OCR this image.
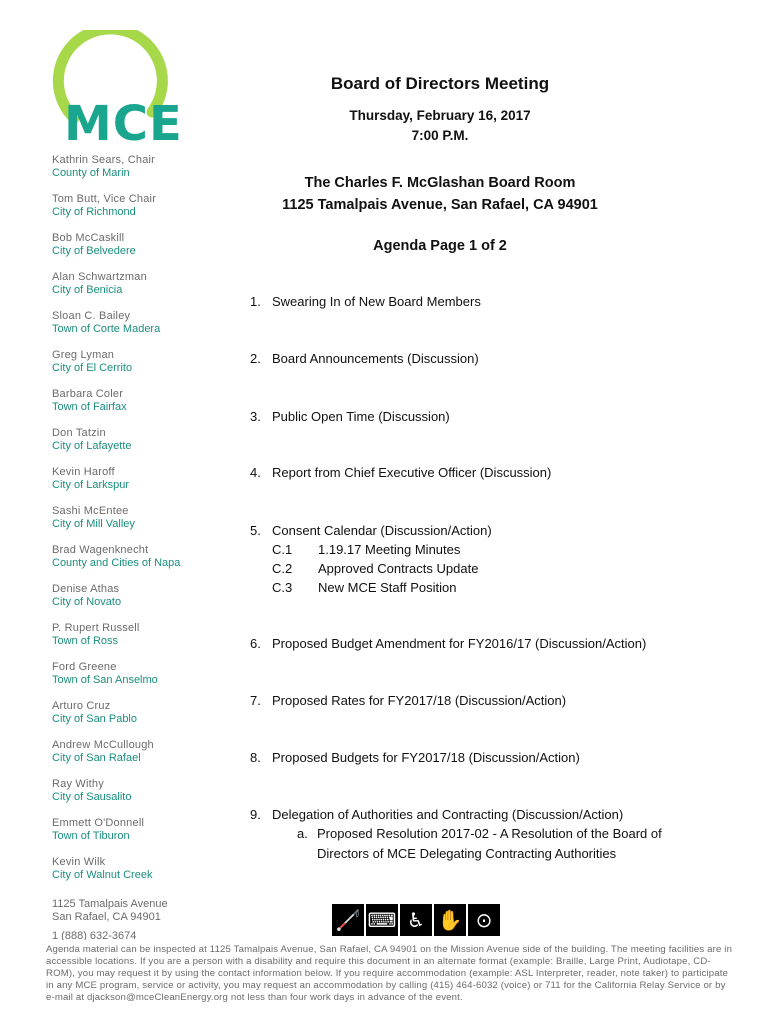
MCE
Kathrin Sears, Chair
County of Marin
Tom Butt, Vice Chair
City of Richmond
Bob McCaskill
City of Belvedere
Alan Schwartzman
City of Benicia
Sloan C. Bailey
Town of Corte Madera
Greg Lyman
City of El Cerrito
Barbara Coler
Town of Fairfax
Don Tatzin
City of Lafayette
Kevin Haroff
City of Larkspur
Sashi McEntee
City of Mill Valley
Brad Wagenknecht
County and Cities of Napa
Denise Athas
City of Novato
P. Rupert Russell
Town of Ross
Ford Greene
Town of San Anselmo
Arturo Cruz
City of San Pablo
Andrew McCullough
City of San Rafael
Ray Withy
City of Sausalito
Emmett O'Donnell
Town of Tiburon
Kevin Wilk
City of Walnut Creek
1125 Tamalpais Avenue
San Rafael, CA 94901
1 (888) 632-3674
Board of Directors Meeting
Thursday, February 16, 2017
7:00 P.M.
The Charles F. McGlashan Board Room
1125 Tamalpais Avenue, San Rafael, CA 94901
Agenda Page 1 of 2
1. Swearing In of New Board Members
2. Board Announcements (Discussion)
3. Public Open Time (Discussion)
4. Report from Chief Executive Officer (Discussion)
5. Consent Calendar (Discussion/Action)
C.1 1.19.17 Meeting Minutes
C.2 Approved Contracts Update
C.3 New MCE Staff Position
6. Proposed Budget Amendment for FY2016/17 (Discussion/Action)
7. Proposed Rates for FY2017/18 (Discussion/Action)
8. Proposed Budgets for FY2017/18 (Discussion/Action)
9. Delegation of Authorities and Contracting (Discussion/Action)
a. Proposed Resolution 2017-02 - A Resolution of the Board of
Directors of MCE Delegating Contracting Authorities
🦯 ⌨ ♿ ✋ ⊙
Agenda material can be inspected at 1125 Tamalpais Avenue, San Rafael, CA 94901 on the Mission Avenue side of the building. The meeting facilities are in accessible locations. If you are a person with a disability and require this document in an alternate format (example: Braille, Large Print, Audiotape, CD-ROM), you may request it by using the contact information below. If you require accommodation (example: ASL Interpreter, reader, note taker) to participate in any MCE program, service or activity, you may request an accommodation by calling (415) 464-6032 (voice) or 711 for the California Relay Service or by e-mail at djackson@mceCleanEnergy.org not less than four work days in advance of the event.
